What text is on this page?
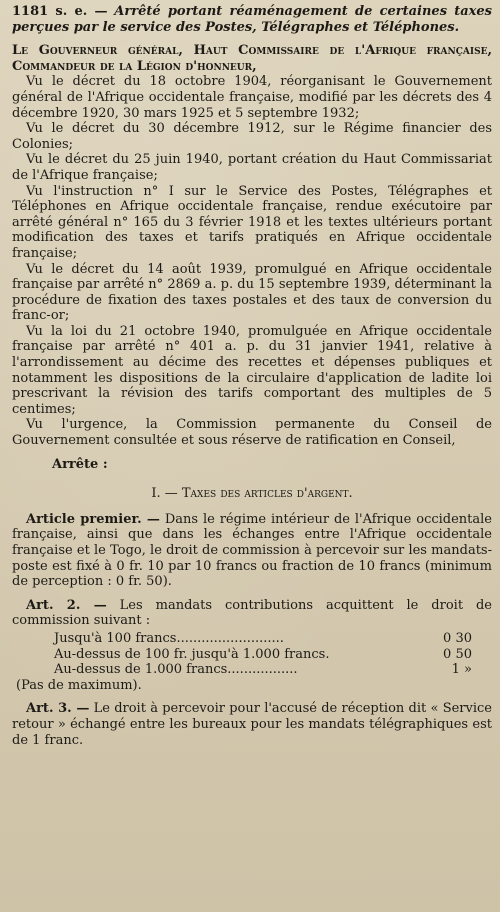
1181 s. e. — Arrêté portant réaménagement de certaines taxes perçues par le service des Postes, Télégraphes et Téléphones.

Le Gouverneur général, Haut Commissaire de l'Afrique française, Commandeur de la Légion d'honneur,

Vu le décret du 18 octobre 1904, réorganisant le Gouvernement général de l'Afrique occidentale française, modifié par les décrets des 4 décembre 1920, 30 mars 1925 et 5 septembre 1932;

Vu le décret du 30 décembre 1912, sur le Régime financier des Colonies;

Vu le décret du 25 juin 1940, portant création du Haut Commissariat de l'Afrique française;

Vu l'instruction n° I sur le Service des Postes, Télégraphes et Téléphones en Afrique occidentale française, rendue exécutoire par arrêté général n° 165 du 3 février 1918 et les textes ultérieurs portant modification des taxes et tarifs pratiqués en Afrique occidentale française;

Vu le décret du 14 août 1939, promulgué en Afrique occidentale française par arrêté n° 2869 a. p. du 15 septembre 1939, déterminant la procédure de fixation des taxes postales et des taux de conversion du franc-or;

Vu la loi du 21 octobre 1940, promulguée en Afrique occidentale française par arrêté n° 401 a. p. du 31 janvier 1941, relative à l'arrondissement au décime des recettes et dépenses publiques et notamment les dispositions de la circulaire d'application de ladite loi prescrivant la révision des tarifs comportant des multiples de 5 centimes;

Vu l'urgence, la Commission permanente du Conseil de Gouvernement consultée et sous réserve de ratification en Conseil,

Arrête :

I. — Taxes des articles d'argent.

Article premier. — Dans le régime intérieur de l'Afrique occidentale française, ainsi que dans les échanges entre l'Afrique occidentale française et le Togo, le droit de commission à percevoir sur les mandats-poste est fixé à 0 fr. 10 par 10 francs ou fraction de 10 francs (minimum de perception : 0 fr. 50).

Art. 2. — Les mandats contributions acquittent le droit de commission suivant :

Jusqu'à 100 francs..........................	0 30
Au-dessus de 100 fr. jusqu'à 1.000 francs.	0 50
Au-dessus de 1.000 francs.................	1 »

(Pas de maximum).

Art. 3. — Le droit à percevoir pour l'accusé de réception dit « Service retour » échangé entre les bureaux pour les mandats télégraphiques est de 1 franc.
